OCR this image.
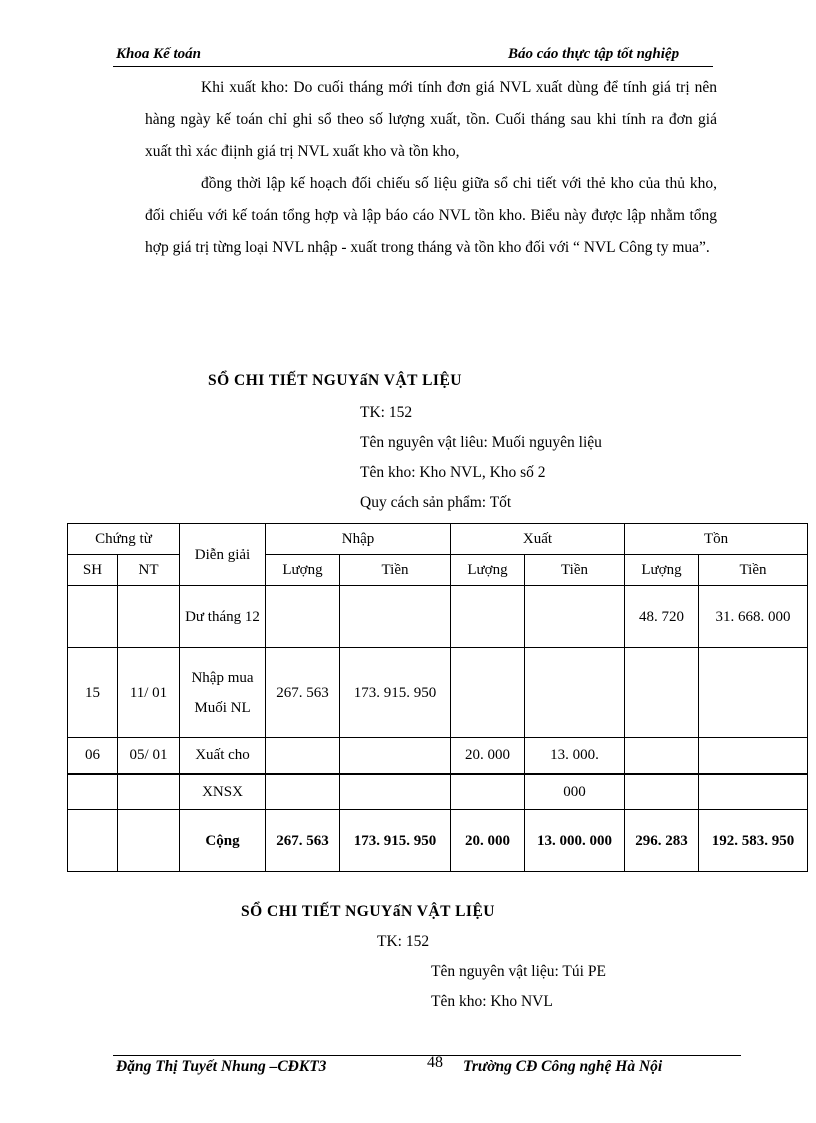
Khoa Kế toán	Báo cáo thực tập tốt nghiệp

Khi xuất kho: Do cuối tháng mới tính đơn giá NVL xuất dùng để tính giá trị nên hàng ngày kế toán chỉ ghi sổ theo số lượng xuất, tồn. Cuối tháng sau khi tính ra đơn giá xuất thì xác điịnh giá trị NVL xuất kho và tồn kho,

đồng thời lập kế hoạch đối chiếu số liệu giữa sổ chi tiết với thẻ kho của thủ kho, đối chiếu với kế toán tổng hợp và lập báo cáo NVL tồn kho. Biểu này được lập nhằm tổng hợp giá trị từng loại NVL nhập - xuất trong tháng và tồn kho đối với “ NVL Công ty mua”.

SỔ CHI TIẾT NGUYấN VẬT LIỆU
TK: 152
Tên nguyên vật liêu: Muối nguyên liệu
Tên kho: Kho NVL, Kho số 2
Quy cách sản phẩm: Tốt
Chứng từ		Diễn giải	Nhập		Xuất		Tồn	
SH	NT		Lượng	Tiền	Lượng	Tiền	Lượng	Tiền
		Dư tháng 12					48. 720	31. 668. 000
15	11/ 01	Nhập mua Muối NL	267. 563	173. 915. 950				
06	05/ 01	Xuất cho			20. 000	13. 000.		
		XNSX				000		
		Cộng	267. 563	173. 915. 950	20. 000	13. 000. 000	296. 283	192. 583. 950
SỔ CHI TIẾT NGUYấN VẬT LIỆU
TK: 152
Tên nguyên vật liệu: Túi PE
Tên kho: Kho NVL
Đặng Thị Tuyết Nhung –CĐKT3	48 Trường CĐ Công nghệ Hà Nội
